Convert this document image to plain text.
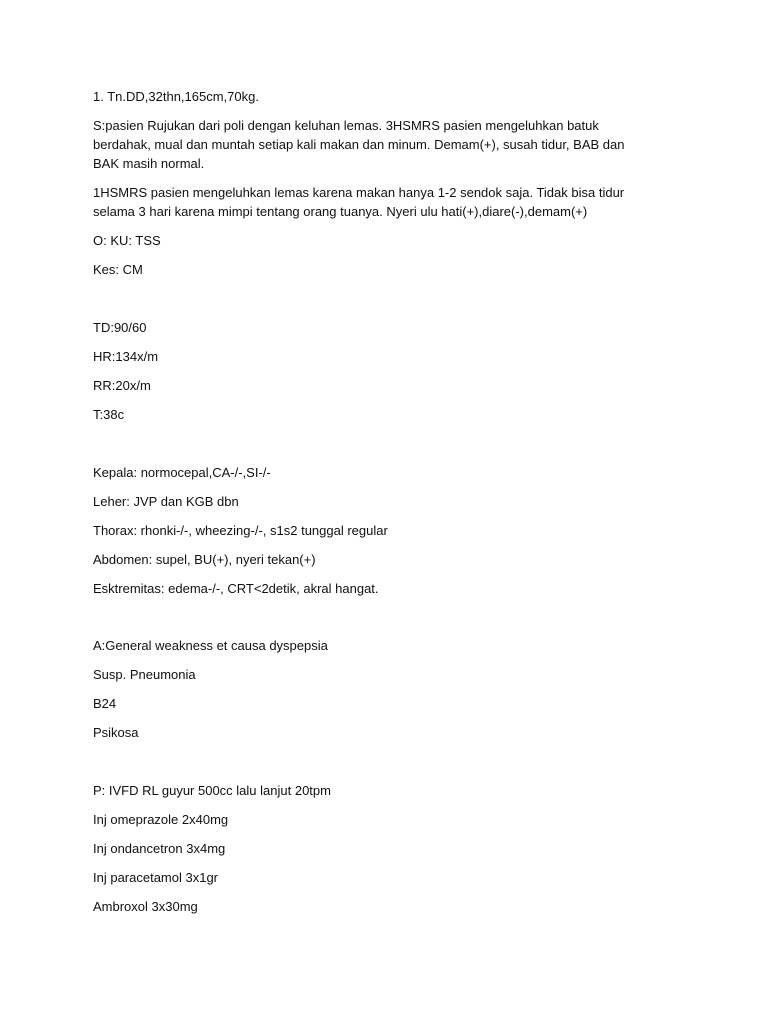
1. Tn.DD,32thn,165cm,70kg.
S:pasien Rujukan dari poli dengan keluhan lemas. 3HSMRS pasien mengeluhkan batuk
berdahak, mual dan muntah setiap kali makan dan minum. Demam(+), susah tidur, BAB dan
BAK masih normal.
1HSMRS pasien mengeluhkan lemas karena makan hanya 1-2 sendok saja. Tidak bisa tidur
selama 3 hari karena mimpi tentang orang tuanya. Nyeri ulu hati(+),diare(-),demam(+)
O: KU: TSS
Kes: CM
TD:90/60
HR:134x/m
RR:20x/m
T:38c
Kepala: normocepal,CA-/-,SI-/-
Leher: JVP dan KGB dbn
Thorax: rhonki-/-, wheezing-/-, s1s2 tunggal regular
Abdomen: supel, BU(+), nyeri tekan(+)
Esktremitas: edema-/-, CRT<2detik, akral hangat.
A:General weakness et causa dyspepsia
Susp. Pneumonia
B24
Psikosa
P: IVFD RL guyur 500cc lalu lanjut 20tpm
Inj omeprazole 2x40mg
Inj ondancetron 3x4mg
Inj paracetamol 3x1gr
Ambroxol 3x30mg
